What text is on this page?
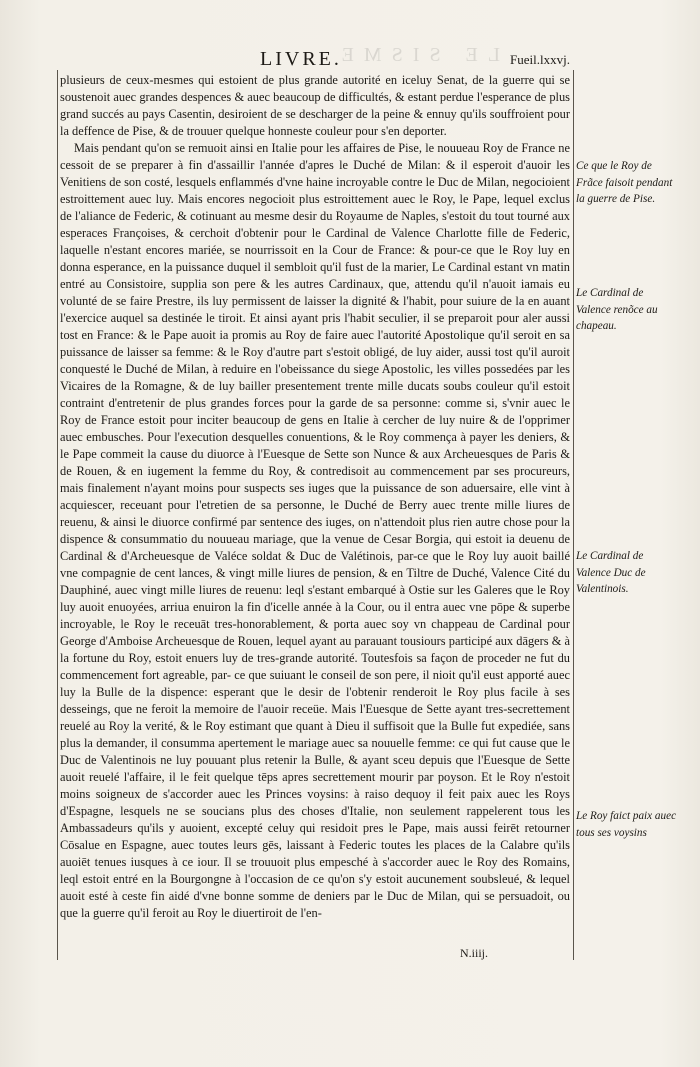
LE SISME
LIVRE.	Fueil.lxxvj.

plusieurs de ceux-mesmes qui estoient de plus grande autorité en iceluy Senat, de la guerre qui se soustenoit auec grandes despences & auec beaucoup de difficultés, & estant perdue l'esperance de plus grand succés au pays Casentin, desiroient de se descharger de la peine & ennuy qu'ils souffroient pour la deffence de Pise, & de trouuer quelque honneste couleur pour s'en deporter.

Mais pendant qu'on se remuoit ainsi en Italie pour les affaires de Pise, le nouueau Roy de France ne cessoit de se preparer à fin d'assaillir l'année d'apres le Duché de Milan: & il esperoit d'auoir les Venitiens de son costé, lesquels enflammés d'vne haine incroyable contre le Duc de Milan, negocioient estroittement auec luy. Mais encores negocioit plus estroittement auec le Roy, le Pape, lequel exclus de l'aliance de Federic, & cotinuant au mesme desir du Royaume de Naples, s'estoit du tout tourné aux esperaces Françoises, & cerchoit d'obtenir pour le Cardinal de Valence Charlotte fille de Federic, laquelle n'estant encores mariée, se nourrissoit en la Cour de France: & pour-ce que le Roy luy en donna esperance, en la puissance duquel il sembloit qu'il fust de la marier, Le Cardinal estant vn matin entré au Consistoire, supplia son pere & les autres Cardinaux, que, attendu qu'il n'auoit iamais eu volunté de se faire Prestre, ils luy permissent de laisser la dignité & l'habit, pour suiure de la en auant l'exercice auquel sa destinée le tiroit. Et ainsi ayant pris l'habit seculier, il se preparoit pour aler aussi tost en France: & le Pape auoit ia promis au Roy de faire auec l'autorité Apostolique qu'il seroit en sa puissance de laisser sa femme: & le Roy d'autre part s'estoit obligé, de luy aider, aussi tost qu'il auroit conquesté le Duché de Milan, à reduire en l'obeissance du siege Apostolic, les villes possedées par les Vicaires de la Romagne, & de luy bailler presentement trente mille ducats soubs couleur qu'il estoit contraint d'entretenir de plus grandes forces pour la garde de sa personne: comme si, s'vnir auec le Roy de France estoit pour inciter beaucoup de gens en Italie à cercher de luy nuire & de l'opprimer auec embusches. Pour l'execution desquelles conuentions, & le Roy commença à payer les deniers, & le Pape commeit la cause du diuorce à l'Euesque de Sette son Nunce & aux Archeuesques de Paris & de Rouen, & en iugement la femme du Roy, & contredisoit au commencement par ses procureurs, mais finalement n'ayant moins pour suspects ses iuges que la puissance de son aduersaire, elle vint à acquiescer, receuant pour l'etretien de sa personne, le Duché de Berry auec trente mille liures de reuenu, & ainsi le diuorce confirmé par sentence des iuges, on n'attendoit plus rien autre chose pour la dispence & consummatio du nouueau mariage, que la venue de Cesar Borgia, qui estoit ia deuenu de Cardinal & d'Archeuesque de Valéce soldat & Duc de Valétinois, par-ce que le Roy luy auoit baillé vne compagnie de cent lances, & vingt mille liures de pension, & en Tiltre de Duché, Valence Cité du Dauphiné, auec vingt mille liures de reuenu: leql s'estant embarqué à Ostie sur les Galeres que le Roy luy auoit enuoyées, arriua enuiron la fin d'icelle année à la Cour, ou il entra auec vne pōpe & superbe incroyable, le Roy le receuāt tres-honorablement, & porta auec soy vn chappeau de Cardinal pour George d'Amboise Archeuesque de Rouen, lequel ayant au parauant tousiours participé aux dāgers & à la fortune du Roy, estoit enuers luy de tres-grande autorité. Toutesfois sa façon de proceder ne fut du commencement fort agreable, par- ce que suiuant le conseil de son pere, il nioit qu'il eust apporté auec luy la Bulle de la dispence: esperant que le desir de l'obtenir renderoit le Roy plus facile à ses desseings, que ne feroit la memoire de l'auoir receüe. Mais l'Euesque de Sette ayant tres-secrettement reuelé au Roy la verité, & le Roy estimant que quant à Dieu il suffisoit que la Bulle fut expediée, sans plus la demander, il consumma apertement le mariage auec sa nouuelle femme: ce qui fut cause que le Duc de Valentinois ne luy pouuant plus retenir la Bulle, & ayant sceu depuis que l'Euesque de Sette auoit reuelé l'affaire, il le feit quelque tēps apres secrettement mourir par poyson. Et le Roy n'estoit moins soigneux de s'accorder auec les Princes voysins: à raiso dequoy il feit paix auec les Roys d'Espagne, lesquels ne se soucians plus des choses d'Italie, non seulement rappelerent tous les Ambassadeurs qu'ils y auoient, excepté celuy qui residoit pres le Pape, mais aussi feirēt retourner Cōsalue en Espagne, auec toutes leurs gēs, laissant à Federic toutes les places de la Calabre qu'ils auoiēt tenues iusques à ce iour. Il se trouuoit plus empesché à s'accorder auec le Roy des Romains, leql estoit entré en la Bourgongne à l'occasion de ce qu'on s'y estoit aucunement soubsleué, & lequel auoit esté à ceste fin aidé d'vne bonne somme de deniers par le Duc de Milan, qui se persuadoit, ou que la guerre qu'il feroit au Roy le diuertiroit de l'en-

N.iiij.
Ce que le Roy de Frãce faisoit pendant la guerre de Pise.
Le Cardinal de Valence renõce au chapeau.
Le Cardinal de Valence Duc de Valentinois.
Le Roy faict paix auec tous ses voysins
